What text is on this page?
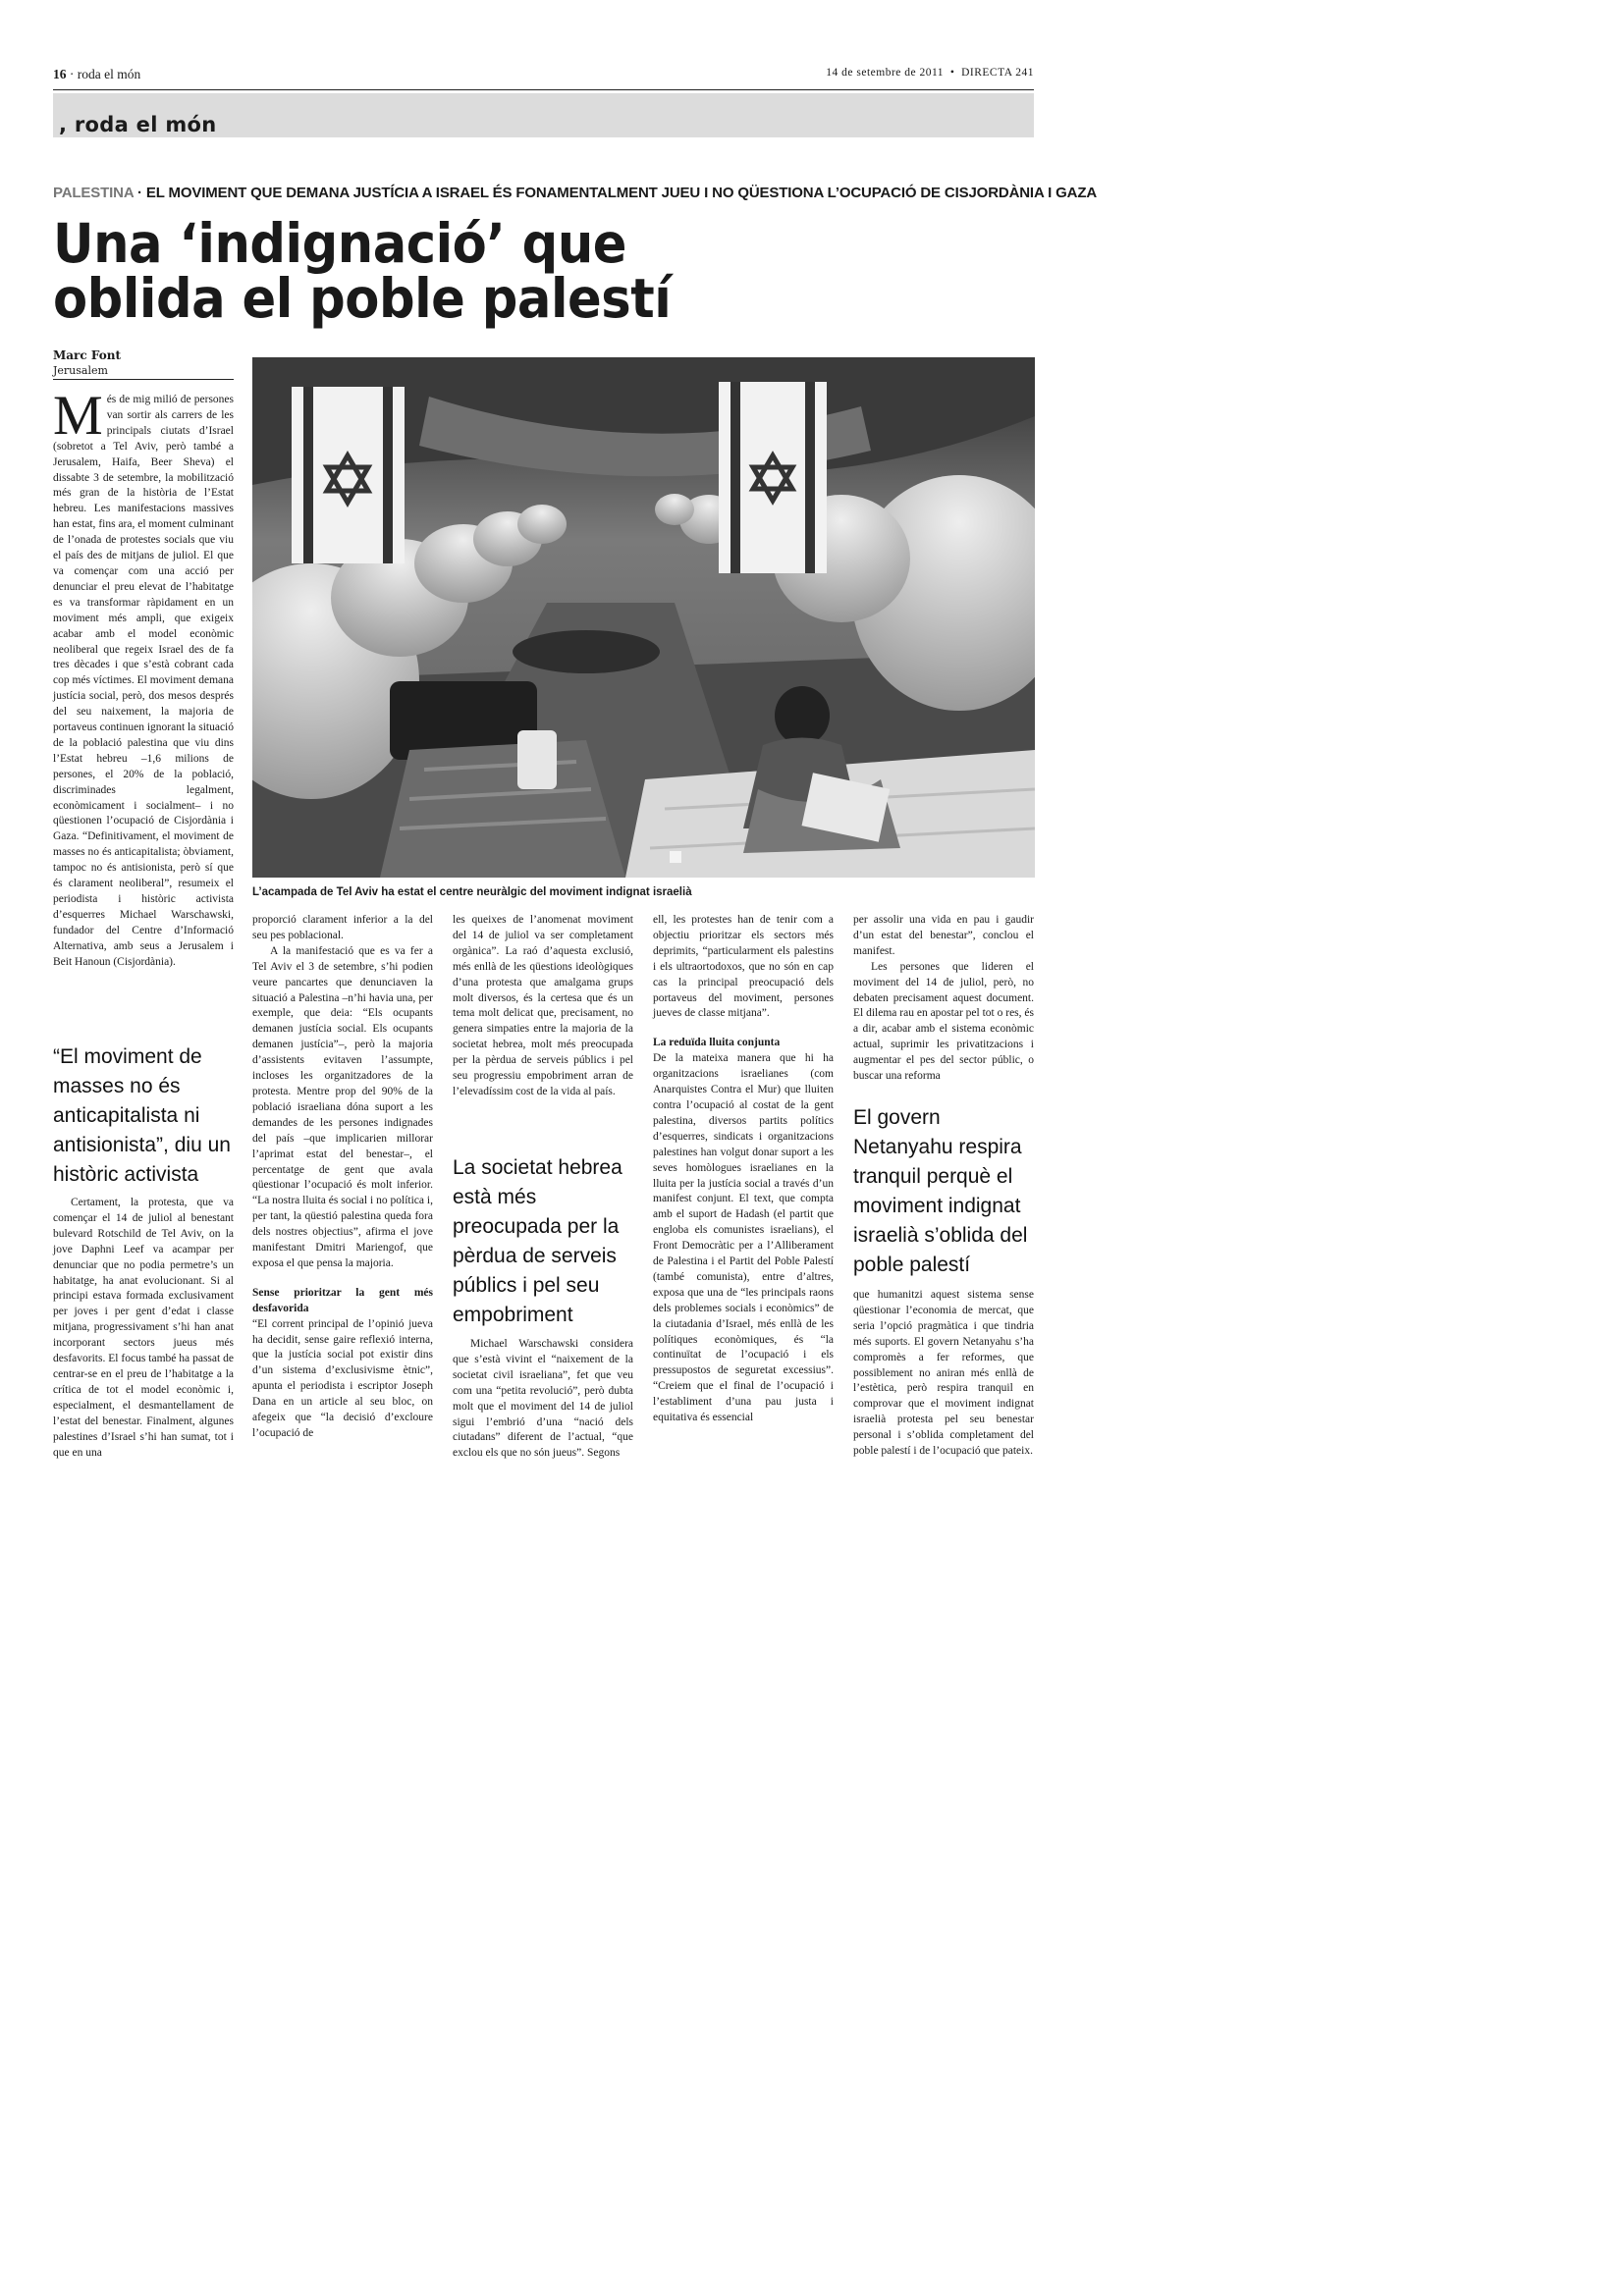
16 · roda el món	14 de setembre de 2011  •  DIRECTA 241
, roda el món
PALESTINA · EL MOVIMENT QUE DEMANA JUSTÍCIA A ISRAEL ÉS FONAMENTALMENT JUEU I NO QÜESTIONA L’OCUPACIÓ DE CISJORDÀNIA I GAZA
Una ‘indignació’ que
oblida el poble palestí
Marc Font
Jerusalem
L’acampada de Tel Aviv ha estat el centre neuràlgic del moviment indignat israelià

Més de mig milió de persones van sortir als carrers de les principals ciutats d’Israel (sobretot a Tel Aviv, però també a Jerusalem, Haifa, Beer Sheva) el dissabte 3 de setembre, la mobilització més gran de la història de l’Estat hebreu. Les manifestacions massives han estat, fins ara, el moment culminant de l’onada de protestes socials que viu el país des de mitjans de juliol. El que va començar com una acció per denunciar el preu elevat de l’habitatge es va transformar ràpidament en un moviment més ampli, que exigeix acabar amb el model econòmic neoliberal que regeix Israel des de fa tres dècades i que s’està cobrant cada cop més víctimes. El moviment demana justícia social, però, dos mesos després del seu naixement, la majoria de portaveus continuen ignorant la situació de la població palestina que viu dins l’Estat hebreu –1,6 milions de persones, el 20% de la població, discriminades legalment, econòmicament i socialment– i no qüestionen l’ocupació de Cisjordània i Gaza. “Definitivament, el moviment de masses no és anticapitalista; òbviament, tampoc no és antisionista, però sí que és clarament neoliberal”, resumeix el periodista i històric activista d’esquerres Michael Warschawski, fundador del Centre d’Informació Alternativa, amb seus a Jerusalem i Beit Hanoun (Cisjordània).

“El moviment de masses no és anticapitalista ni antisionista”, diu un històric activista

Certament, la protesta, que va començar el 14 de juliol al benestant bulevard Rotschild de Tel Aviv, on la jove Daphni Leef va acampar per denunciar que no podia permetre’s un habitatge, ha anat evolucionant. Si al principi estava formada exclusivament per joves i per gent d’edat i classe mitjana, progressivament s’hi han anat incorporant sectors jueus més desfavorits. El focus també ha passat de centrar-se en el preu de l’habitatge a la crítica de tot el model econòmic i, especialment, el desmantellament de l’estat del benestar. Finalment, algunes palestines d’Israel s’hi han sumat, tot i que en una

proporció clarament inferior a la del seu pes poblacional.

A la manifestació que es va fer a Tel Aviv el 3 de setembre, s’hi podien veure pancartes que denunciaven la situació a Palestina –n’hi havia una, per exemple, que deia: “Els ocupants demanen justícia social. Els ocupants demanen justícia”–, però la majoria d’assistents evitaven l’assumpte, incloses les organitzadores de la protesta. Mentre prop del 90% de la població israeliana dóna suport a les demandes de les persones indignades del país –que implicarien millorar l’aprimat estat del benestar–, el percentatge de gent que avala qüestionar l’ocupació és molt inferior. “La nostra lluita és social i no política i, per tant, la qüestió palestina queda fora dels nostres objectius”, afirma el jove manifestant Dmitri Mariengof, que exposa el que pensa la majoria.

Sense prioritzar la gent més desfavorida

“El corrent principal de l’opinió jueva ha decidit, sense gaire reflexió interna, que la justícia social pot existir dins d’un sistema d’exclusivisme ètnic”, apunta el periodista i escriptor Joseph Dana en un article al seu bloc, on afegeix que “la decisió d’excloure l’ocupació de

les queixes de l’anomenat moviment del 14 de juliol va ser completament orgànica”. La raó d’aquesta exclusió, més enllà de les qüestions ideològiques d’una protesta que amalgama grups molt diversos, és la certesa que és un tema molt delicat que, precisament, no genera simpaties entre la majoria de la societat hebrea, molt més preocupada per la pèrdua de serveis públics i pel seu progressiu empobriment arran de l’elevadíssim cost de la vida al país.

La societat hebrea està més preocupada per la pèrdua de serveis públics i pel seu empobriment

Michael Warschawski considera que s’està vivint el “naixement de la societat civil israeliana”, fet que veu com una “petita revolució”, però dubta molt que el moviment del 14 de juliol sigui l’embrió d’una “nació dels ciutadans” diferent de l’actual, “que exclou els que no són jueus”. Segons

ell, les protestes han de tenir com a objectiu prioritzar els sectors més deprimits, “particularment els palestins i els ultraortodoxos, que no són en cap cas la principal preocupació dels portaveus del moviment, persones jueves de classe mitjana”.

La reduïda lluita conjunta

De la mateixa manera que hi ha organitzacions israelianes (com Anarquistes Contra el Mur) que lluiten contra l’ocupació al costat de la gent palestina, diversos partits polítics d’esquerres, sindicats i organitzacions palestines han volgut donar suport a les seves homòlogues israelianes en la lluita per la justícia social a través d’un manifest conjunt. El text, que compta amb el suport de Hadash (el partit que engloba els comunistes israelians), el Front Democràtic per a l’Alliberament de Palestina i el Partit del Poble Palestí (també comunista), entre d’altres, exposa que una de “les principals raons dels problemes socials i econòmics” de la ciutadania d’Israel, més enllà de les polítiques econòmiques, és “la continuïtat de l’ocupació i els pressupostos de seguretat excessius”. “Creiem que el final de l’ocupació i l’establiment d’una pau justa i equitativa és essencial

per assolir una vida en pau i gaudir d’un estat del benestar”, conclou el manifest.

Les persones que lideren el moviment del 14 de juliol, però, no debaten precisament aquest document. El dilema rau en apostar pel tot o res, és a dir, acabar amb el sistema econòmic actual, suprimir les privatitzacions i augmentar el pes del sector públic, o buscar una reforma

El govern Netanyahu respira tranquil perquè el moviment indignat israelià s’oblida del poble palestí

que humanitzi aquest sistema sense qüestionar l’economia de mercat, que seria l’opció pragmàtica i que tindria més suports. El govern Netanyahu s’ha compromès a fer reformes, que possiblement no aniran més enllà de l’estètica, però respira tranquil en comprovar que el moviment indignat israelià protesta pel seu benestar personal i s’oblida completament del poble palestí i de l’ocupació que pateix.
